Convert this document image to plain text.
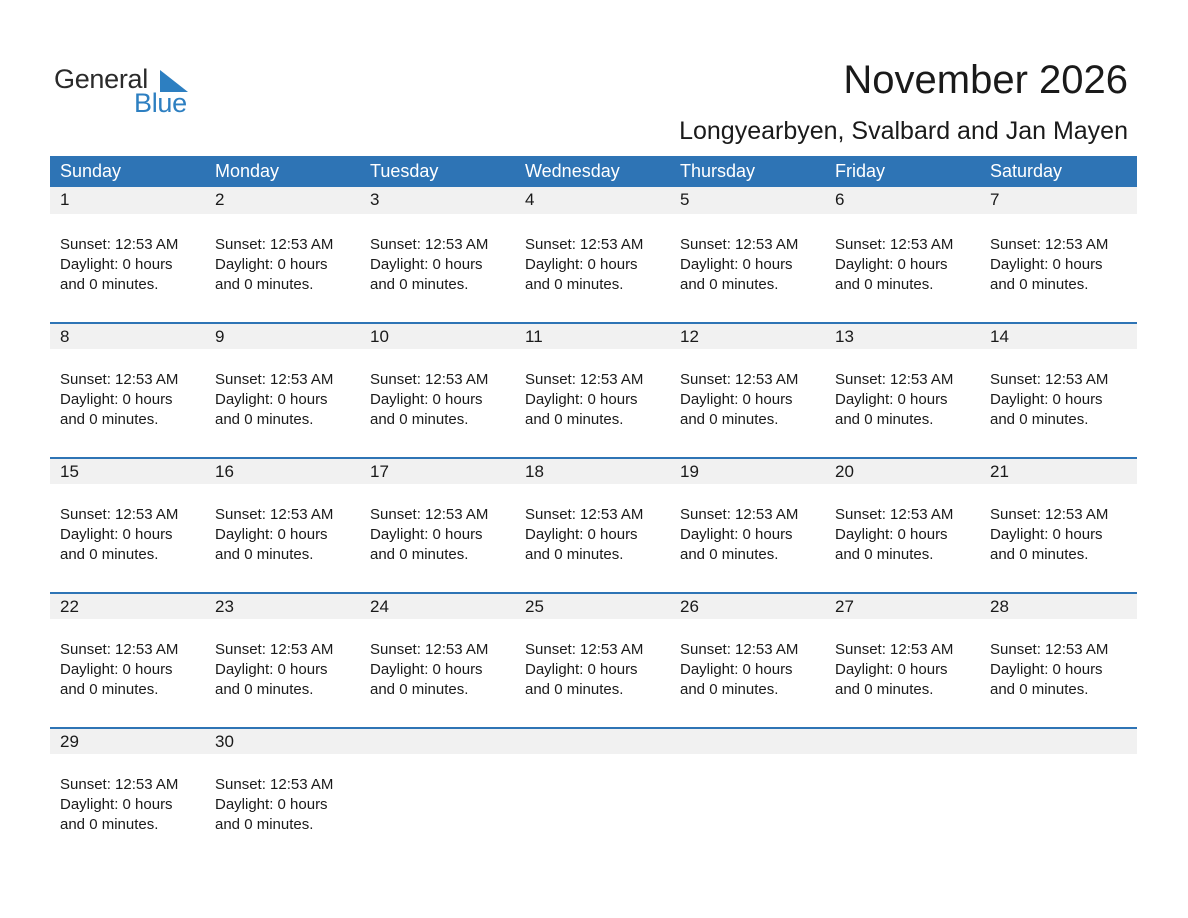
General
Blue
November 2026
Longyearbyen, Svalbard and Jan Mayen
Sunday	Monday	Tuesday	Wednesday	Thursday	Friday	Saturday
1	2	3	4	5	6	7
Sunset: 12:53 AM
Daylight: 0 hours
and 0 minutes.
Sunset: 12:53 AM
Daylight: 0 hours
and 0 minutes.
Sunset: 12:53 AM
Daylight: 0 hours
and 0 minutes.
Sunset: 12:53 AM
Daylight: 0 hours
and 0 minutes.
Sunset: 12:53 AM
Daylight: 0 hours
and 0 minutes.
Sunset: 12:53 AM
Daylight: 0 hours
and 0 minutes.
Sunset: 12:53 AM
Daylight: 0 hours
and 0 minutes.
8	9	10	11	12	13	14
Sunset: 12:53 AM
Daylight: 0 hours
and 0 minutes.
Sunset: 12:53 AM
Daylight: 0 hours
and 0 minutes.
Sunset: 12:53 AM
Daylight: 0 hours
and 0 minutes.
Sunset: 12:53 AM
Daylight: 0 hours
and 0 minutes.
Sunset: 12:53 AM
Daylight: 0 hours
and 0 minutes.
Sunset: 12:53 AM
Daylight: 0 hours
and 0 minutes.
Sunset: 12:53 AM
Daylight: 0 hours
and 0 minutes.
15	16	17	18	19	20	21
Sunset: 12:53 AM
Daylight: 0 hours
and 0 minutes.
Sunset: 12:53 AM
Daylight: 0 hours
and 0 minutes.
Sunset: 12:53 AM
Daylight: 0 hours
and 0 minutes.
Sunset: 12:53 AM
Daylight: 0 hours
and 0 minutes.
Sunset: 12:53 AM
Daylight: 0 hours
and 0 minutes.
Sunset: 12:53 AM
Daylight: 0 hours
and 0 minutes.
Sunset: 12:53 AM
Daylight: 0 hours
and 0 minutes.
22	23	24	25	26	27	28
Sunset: 12:53 AM
Daylight: 0 hours
and 0 minutes.
Sunset: 12:53 AM
Daylight: 0 hours
and 0 minutes.
Sunset: 12:53 AM
Daylight: 0 hours
and 0 minutes.
Sunset: 12:53 AM
Daylight: 0 hours
and 0 minutes.
Sunset: 12:53 AM
Daylight: 0 hours
and 0 minutes.
Sunset: 12:53 AM
Daylight: 0 hours
and 0 minutes.
Sunset: 12:53 AM
Daylight: 0 hours
and 0 minutes.
29	30
Sunset: 12:53 AM
Daylight: 0 hours
and 0 minutes.
Sunset: 12:53 AM
Daylight: 0 hours
and 0 minutes.
